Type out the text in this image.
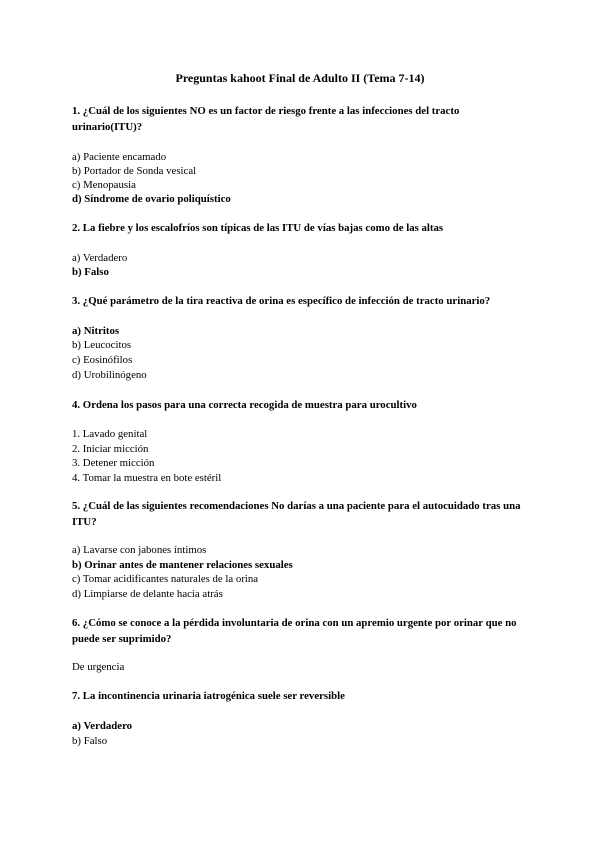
Preguntas kahoot Final de Adulto II (Tema 7-14)
1. ¿Cuál de los siguientes NO es un factor de riesgo frente a las infecciones del tracto urinario(ITU)?
a) Paciente encamado
b) Portador de Sonda vesical
c) Menopausia
d) Síndrome de ovario poliquístico
2. La fiebre y los escalofríos son típicas de las ITU de vías bajas como de las altas
a) Verdadero
b) Falso
3. ¿Qué parámetro de la tira reactiva de orina es específico de infección de tracto urinario?
a) Nitritos
b) Leucocitos
c) Eosinófilos
d) Urobilinógeno
4. Ordena los pasos para una correcta recogida de muestra para urocultivo
1. Lavado genital
2. Iniciar micción
3. Detener micción
4. Tomar la muestra en bote estéril
5. ¿Cuál de las siguientes recomendaciones No darías a una paciente para el autocuidado tras una ITU?
a) Lavarse con jabones íntimos
b) Orinar antes de mantener relaciones sexuales
c) Tomar acidificantes naturales de la orina
d) Limpiarse de delante hacia atrás
6. ¿Cómo se conoce a la pérdida involuntaria de orina con un apremio urgente por orinar que no puede ser suprimido?
De urgencia
7. La incontinencia urinaria iatrogénica suele ser reversible
a) Verdadero
b) Falso
